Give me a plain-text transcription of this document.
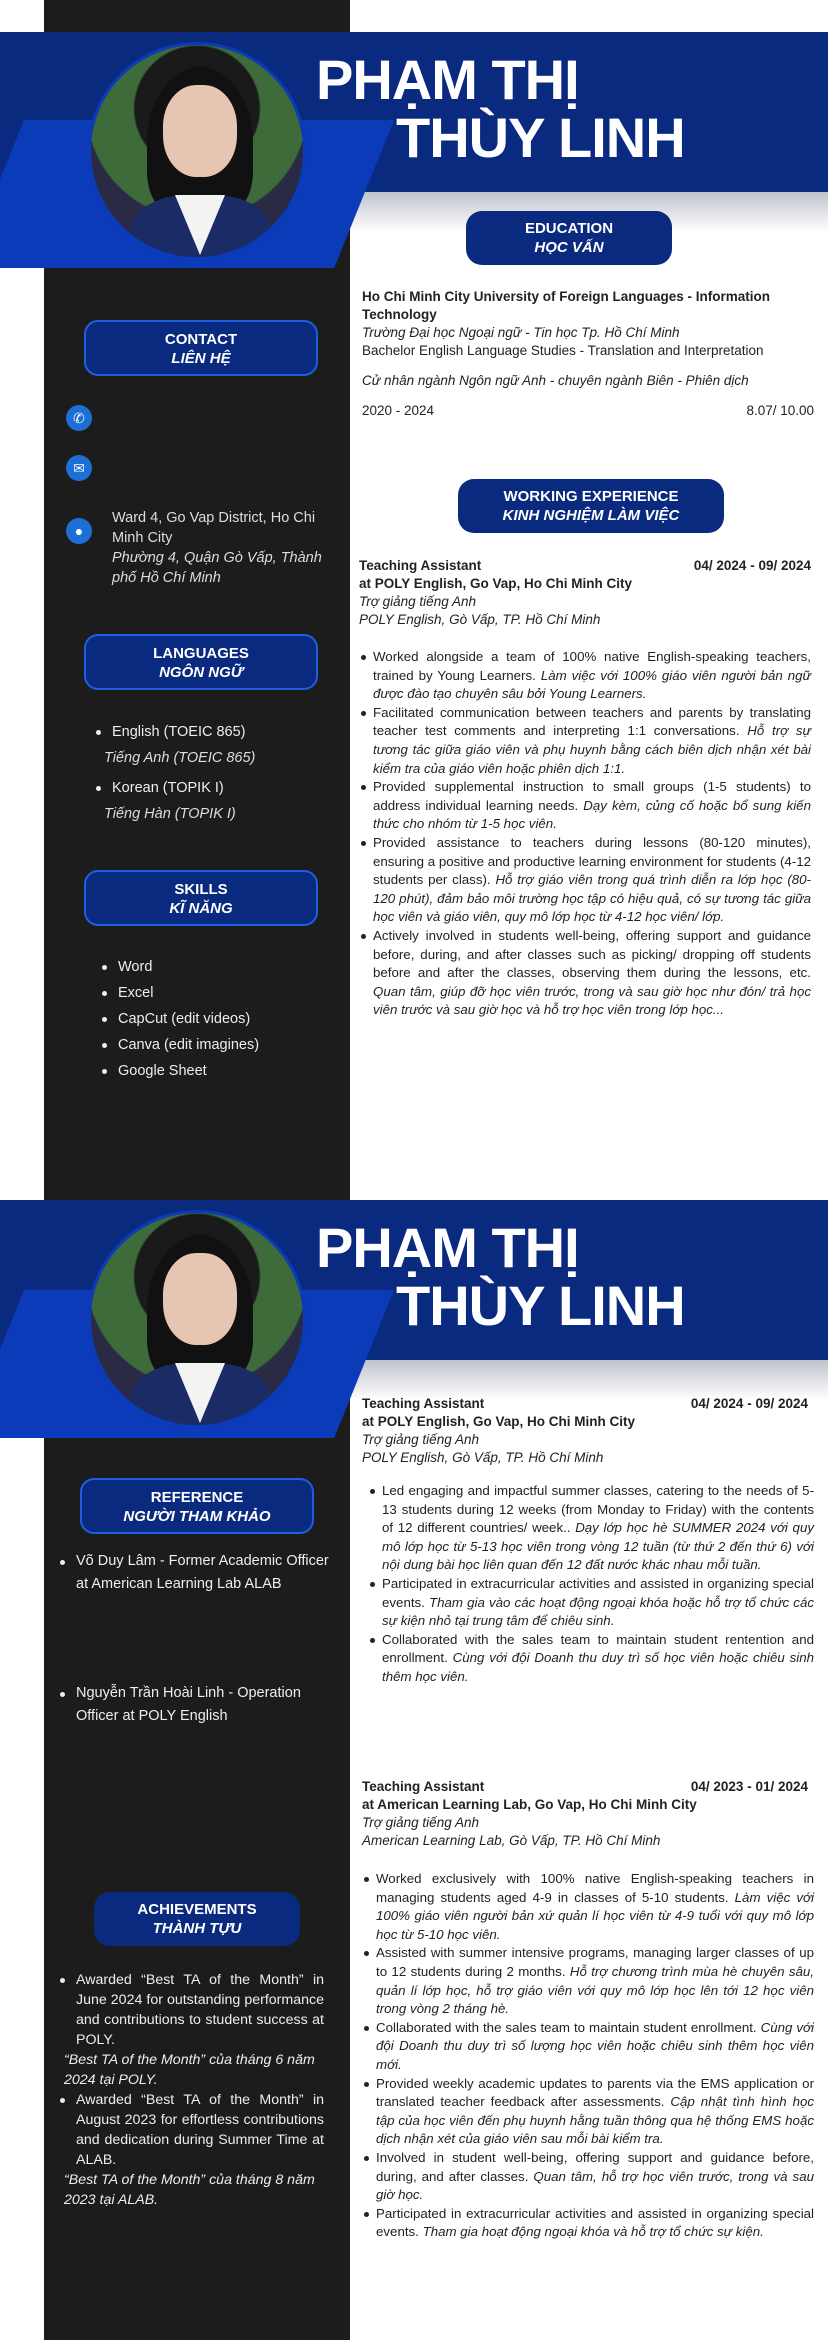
PHẠM THỊ
THÙY LINH
EDUCATION
HỌC VẤN
Ho Chi Minh City University of Foreign Languages - Information Technology
Trường Đại học Ngoại ngữ - Tin học Tp. Hồ Chí Minh
Bachelor English Language Studies - Translation and Interpretation
Cử nhân ngành Ngôn ngữ Anh - chuyên ngành Biên - Phiên dịch
2020 - 2024	8.07/ 10.00
WORKING EXPERIENCE
KINH NGHIỆM LÀM VIỆC
Teaching Assistant	04/ 2024 - 09/ 2024
at POLY English, Go Vap, Ho Chi Minh City
Trợ giảng tiếng Anh
POLY English, Gò Vấp, TP. Hồ Chí Minh
Worked alongside a team of 100% native English-speaking teachers, trained by Young Learners. Làm việc với 100% giáo viên người bản ngữ được đào tạo chuyên sâu bởi Young Learners.
Facilitated communication between teachers and parents by translating teacher test comments and interpreting 1:1 conversations. Hỗ trợ sự tương tác giữa giáo viên và phụ huynh bằng cách biên dịch nhận xét bài kiểm tra của giáo viên hoặc phiên dịch 1:1.
Provided supplemental instruction to small groups (1-5 students) to address individual learning needs. Dạy kèm, củng cố hoặc bổ sung kiến thức cho nhóm từ 1-5 học viên.
Provided assistance to teachers during lessons (80-120 minutes), ensuring a positive and productive learning environment for students (4-12 students per class). Hỗ trợ giáo viên trong quá trình diễn ra lớp học (80-120 phút), đảm bảo môi trường học tập có hiệu quả, có sự tương tác giữa học viên và giáo viên, quy mô lớp học từ 4-12 học viên/ lớp.
Actively involved in students well-being, offering support and guidance before, during, and after classes such as picking/ dropping off students before and after the classes, observing them during the lessons, etc. Quan tâm, giúp đỡ học viên trước, trong và sau giờ học như đón/ trả học viên trước và sau giờ học và hỗ trợ học viên trong lớp học...
CONTACT
LIÊN HỆ
✆
✉
●
Ward 4, Go Vap District, Ho Chi Minh City
Phường 4, Quận Gò Vấp, Thành phố Hồ Chí Minh
LANGUAGES
NGÔN NGỮ
English (TOEIC 865)
Tiếng Anh (TOEIC 865)
Korean (TOPIK I)
Tiếng Hàn (TOPIK I)
SKILLS
KĨ NĂNG
Word
Excel
CapCut (edit videos)
Canva (edit imagines)
Google Sheet
PHẠM THỊ
THÙY LINH
Teaching Assistant	04/ 2024 - 09/ 2024
at POLY English, Go Vap, Ho Chi Minh City
Trợ giảng tiếng Anh
POLY English, Gò Vấp, TP. Hồ Chí Minh
Led engaging and impactful summer classes, catering to the needs of 5-13 students during 12 weeks (from Monday to Friday) with the contents of 12 different countries/ week.. Dạy lớp học hè SUMMER 2024 với quy mô lớp học từ 5-13 học viên trong vòng 12 tuần (từ thứ 2 đến thứ 6) với nội dung bài học liên quan đến 12 đất nước khác nhau mỗi tuần.
Participated in extracurricular activities and assisted in organizing special events. Tham gia vào các hoạt động ngoại khóa hoặc hỗ trợ tổ chức các sự kiện nhỏ tại trung tâm để chiêu sinh.
Collaborated with the sales team to maintain student rentention and enrollment. Cùng với đội Doanh thu duy trì số học viên hoặc chiêu sinh thêm học viên.
Teaching Assistant	04/ 2023 - 01/ 2024
at American Learning Lab, Go Vap, Ho Chi Minh City
Trợ giảng tiếng Anh
American Learning Lab, Gò Vấp, TP. Hồ Chí Minh
Worked exclusively with 100% native English-speaking teachers in managing students aged 4-9 in classes of 5-10 students. Làm việc với 100% giáo viên người bản xứ quản lí học viên từ 4-9 tuổi với quy mô lớp học từ 5-10 học viên.
Assisted with summer intensive programs, managing larger classes of up to 12 students during 2 months. Hỗ trợ chương trình mùa hè chuyên sâu, quản lí lớp học, hỗ trợ giáo viên với quy mô lớp học lên tới 12 học viên trong vòng 2 tháng hè.
Collaborated with the sales team to maintain student enrollment. Cùng với đội Doanh thu duy trì số lượng học viên hoặc chiêu sinh thêm học viên mới.
Provided weekly academic updates to parents via the EMS application or translated teacher feedback after assessments. Cập nhật tình hình học tập của học viên đến phụ huynh hằng tuần thông qua hệ thống EMS hoặc dịch nhận xét của giáo viên sau mỗi bài kiểm tra.
Involved in student well-being, offering support and guidance before, during, and after classes. Quan tâm, hỗ trợ học viên trước, trong và sau giờ học.
Participated in extracurricular activities and assisted in organizing special events. Tham gia hoạt động ngoại khóa và hỗ trợ tổ chức sự kiện.
REFERENCE
NGƯỜI THAM KHẢO
Võ Duy Lâm - Former Academic Officer at American Learning Lab ALAB
Nguyễn Trần Hoài Linh - Operation Officer at POLY English
ACHIEVEMENTS
THÀNH TỰU
Awarded “Best TA of the Month” in June 2024 for outstanding performance and contributions to student success at POLY.
“Best TA of the Month” của tháng 6 năm 2024 tại POLY.
Awarded “Best TA of the Month” in August 2023 for effortless contributions and dedication during Summer Time at ALAB.
“Best TA of the Month” của tháng 8 năm 2023 tại ALAB.
